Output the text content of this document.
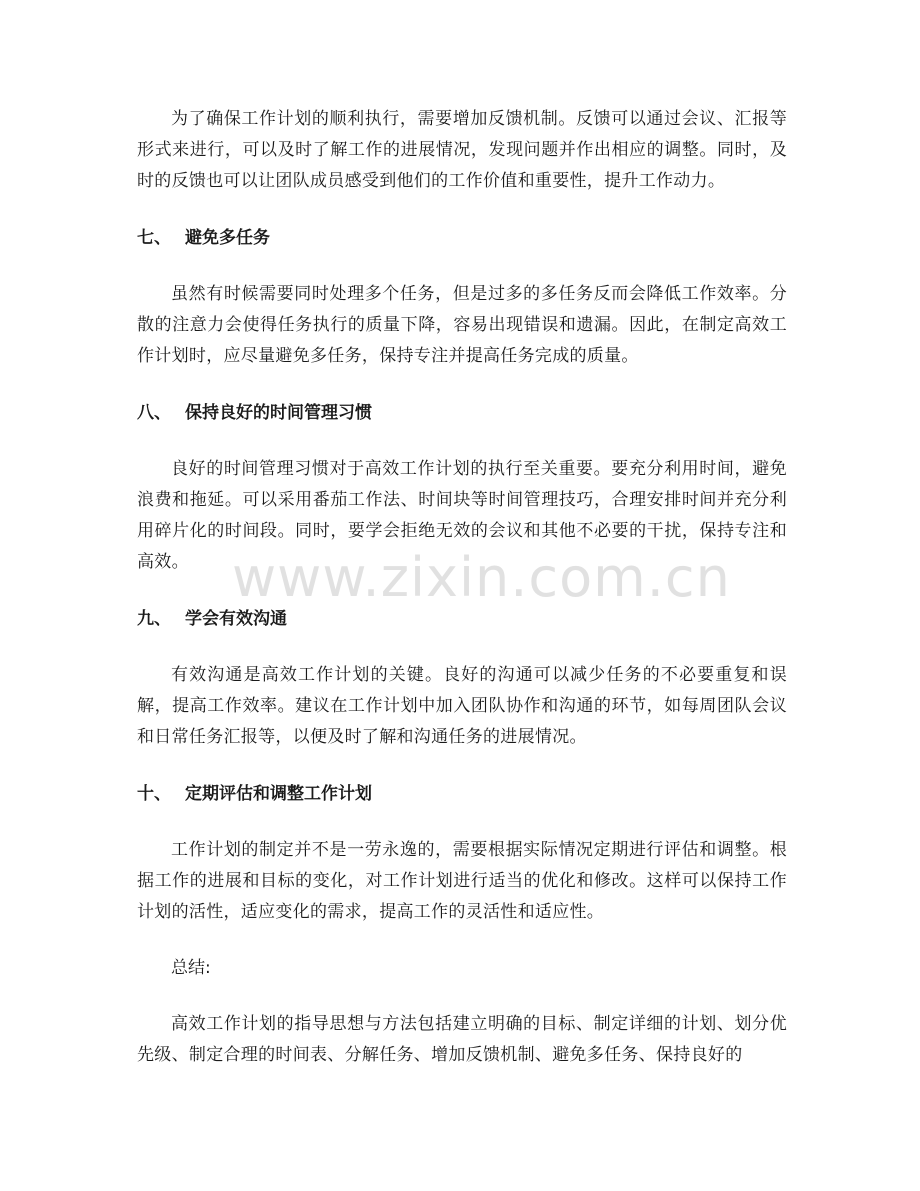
为了确保工作计划的顺利执行，需要增加反馈机制。反馈可以通过会议、汇报等形式来进行，可以及时了解工作的进展情况，发现问题并作出相应的调整。同时，及时的反馈也可以让团队成员感受到他们的工作价值和重要性，提升工作动力。

七、 避免多任务

虽然有时候需要同时处理多个任务，但是过多的多任务反而会降低工作效率。分散的注意力会使得任务执行的质量下降，容易出现错误和遗漏。因此，在制定高效工作计划时，应尽量避免多任务，保持专注并提高任务完成的质量。

八、 保持良好的时间管理习惯

良好的时间管理习惯对于高效工作计划的执行至关重要。要充分利用时间，避免浪费和拖延。可以采用番茄工作法、时间块等时间管理技巧，合理安排时间并充分利用碎片化的时间段。同时，要学会拒绝无效的会议和其他不必要的干扰，保持专注和高效。

九、 学会有效沟通

有效沟通是高效工作计划的关键。良好的沟通可以减少任务的不必要重复和误解，提高工作效率。建议在工作计划中加入团队协作和沟通的环节，如每周团队会议和日常任务汇报等，以便及时了解和沟通任务的进展情况。

十、 定期评估和调整工作计划

工作计划的制定并不是一劳永逸的，需要根据实际情况定期进行评估和调整。根据工作的进展和目标的变化，对工作计划进行适当的优化和修改。这样可以保持工作计划的活性，适应变化的需求，提高工作的灵活性和适应性。

总结:

高效工作计划的指导思想与方法包括建立明确的目标、制定详细的计划、划分优先级、制定合理的时间表、分解任务、增加反馈机制、避免多任务、保持良好的

www.zixin.com.cn
